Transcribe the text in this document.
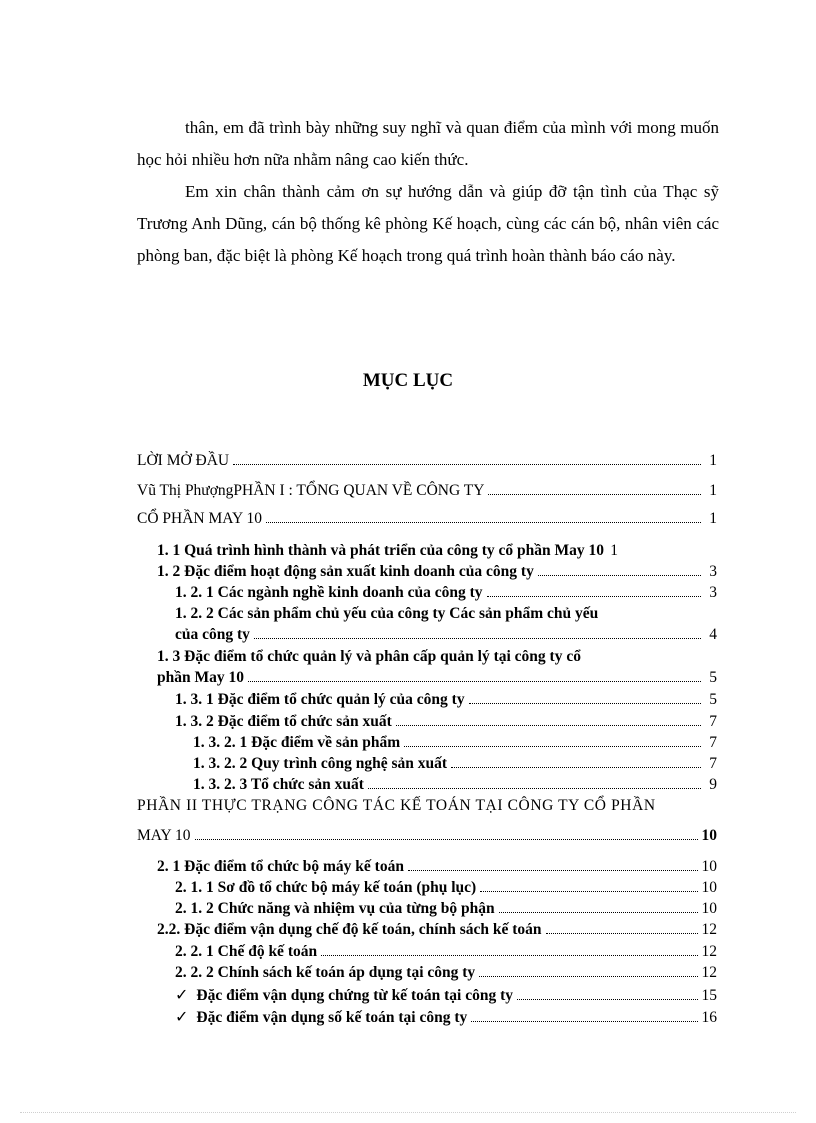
thân, em đã trình bày những suy nghĩ và quan điểm của mình với mong muốn học hỏi nhiều hơn nữa nhằm nâng cao kiến thức.

Em xin chân thành cảm ơn sự hướng dẫn và giúp đỡ tận tình của Thạc sỹ Trương Anh Dũng, cán bộ thống kê phòng Kế hoạch, cùng các cán bộ, nhân viên các phòng ban, đặc biệt là phòng Kế hoạch trong quá trình hoàn thành báo cáo này.

MỤC LỤC
LỜI MỞ ĐẦU	1
Vũ Thị PhượngPHẦN I : TỔNG QUAN VỀ CÔNG TY	1
CỔ PHẦN MAY 10	1
1. 1 Quá trình hình thành và phát triển của công ty cổ phần May 10 1
1. 2 Đặc điểm hoạt động sản xuất kinh doanh của công ty	3
1. 2. 1 Các ngành nghề kinh doanh của công ty	3
1. 2. 2 Các sản phẩm chủ yếu của công ty Các sản phẩm chủ yếu
của công ty	4
1. 3 Đặc điểm tổ chức quản lý và phân cấp quản lý tại công ty cổ
phần May 10	5
1. 3. 1 Đặc điểm tổ chức quản lý của công ty	5
1. 3. 2 Đặc điểm tổ chức sản xuất	7
1. 3. 2. 1 Đặc điểm về sản phẩm	7
1. 3. 2. 2 Quy trình công nghệ sản xuất	7
1. 3. 2. 3 Tổ chức sản xuất	9
PHẦN II THỰC TRẠNG CÔNG TÁC KẾ TOÁN TẠI CÔNG TY CỔ PHẦN
MAY 10	10
2. 1 Đặc điểm tổ chức bộ máy kế toán	10
2. 1. 1 Sơ đồ tổ chức bộ máy kế toán (phụ lục)	10
2. 1. 2 Chức năng và nhiệm vụ của từng bộ phận	10
2.2. Đặc điểm vận dụng chế độ kế toán, chính sách kế toán	12
2. 2. 1 Chế độ kế toán	12
2. 2. 2 Chính sách kế toán áp dụng tại công ty	12
✓ Đặc điểm vận dụng chứng từ kế toán tại công ty	15
✓ Đặc điểm vận dụng số kế toán tại công ty	16
